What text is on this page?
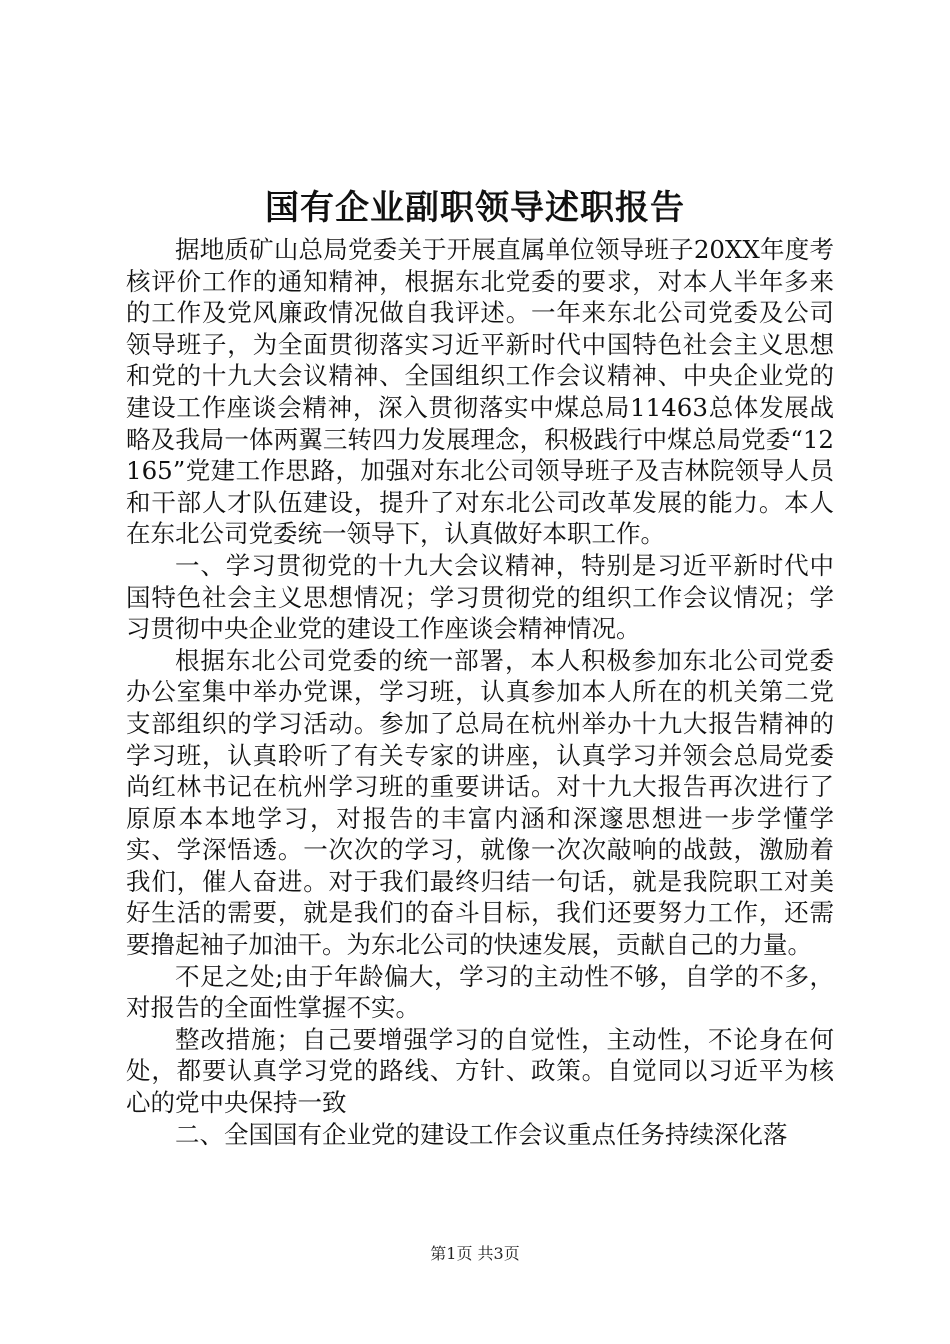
国有企业副职领导述职报告

据地质矿山总局党委关于开展直属单位领导班子20XX年度考核评价工作的通知精神，根据东北党委的要求，对本人半年多来的工作及党风廉政情况做自我评述。一年来东北公司党委及公司领导班子，为全面贯彻落实习近平新时代中国特色社会主义思想和党的十九大会议精神、全国组织工作会议精神、中央企业党的建设工作座谈会精神，深入贯彻落实中煤总局11463总体发展战略及我局一体两翼三转四力发展理念，积极践行中煤总局党委“12165”党建工作思路，加强对东北公司领导班子及吉林院领导人员和干部人才队伍建设，提升了对东北公司改革发展的能力。本人在东北公司党委统一领导下，认真做好本职工作。

一、学习贯彻党的十九大会议精神，特别是习近平新时代中国特色社会主义思想情况；学习贯彻党的组织工作会议情况；学习贯彻中央企业党的建设工作座谈会精神情况。

根据东北公司党委的统一部署，本人积极参加东北公司党委办公室集中举办党课，学习班，认真参加本人所在的机关第二党支部组织的学习活动。参加了总局在杭州举办十九大报告精神的学习班，认真聆听了有关专家的讲座，认真学习并领会总局党委尚红林书记在杭州学习班的重要讲话。对十九大报告再次进行了原原本本地学习，对报告的丰富内涵和深邃思想进一步学懂学实、学深悟透。一次次的学习，就像一次次敲响的战鼓，激励着我们，催人奋进。对于我们最终归结一句话，就是我院职工对美好生活的需要，就是我们的奋斗目标，我们还要努力工作，还需要撸起袖子加油干。为东北公司的快速发展，贡献自己的力量。

不足之处;由于年龄偏大，学习的主动性不够，自学的不多，对报告的全面性掌握不实。

整改措施；自己要增强学习的自觉性，主动性，不论身在何处，都要认真学习党的路线、方针、政策。自觉同以习近平为核心的党中央保持一致

二、全国国有企业党的建设工作会议重点任务持续深化落

第1页 共3页
